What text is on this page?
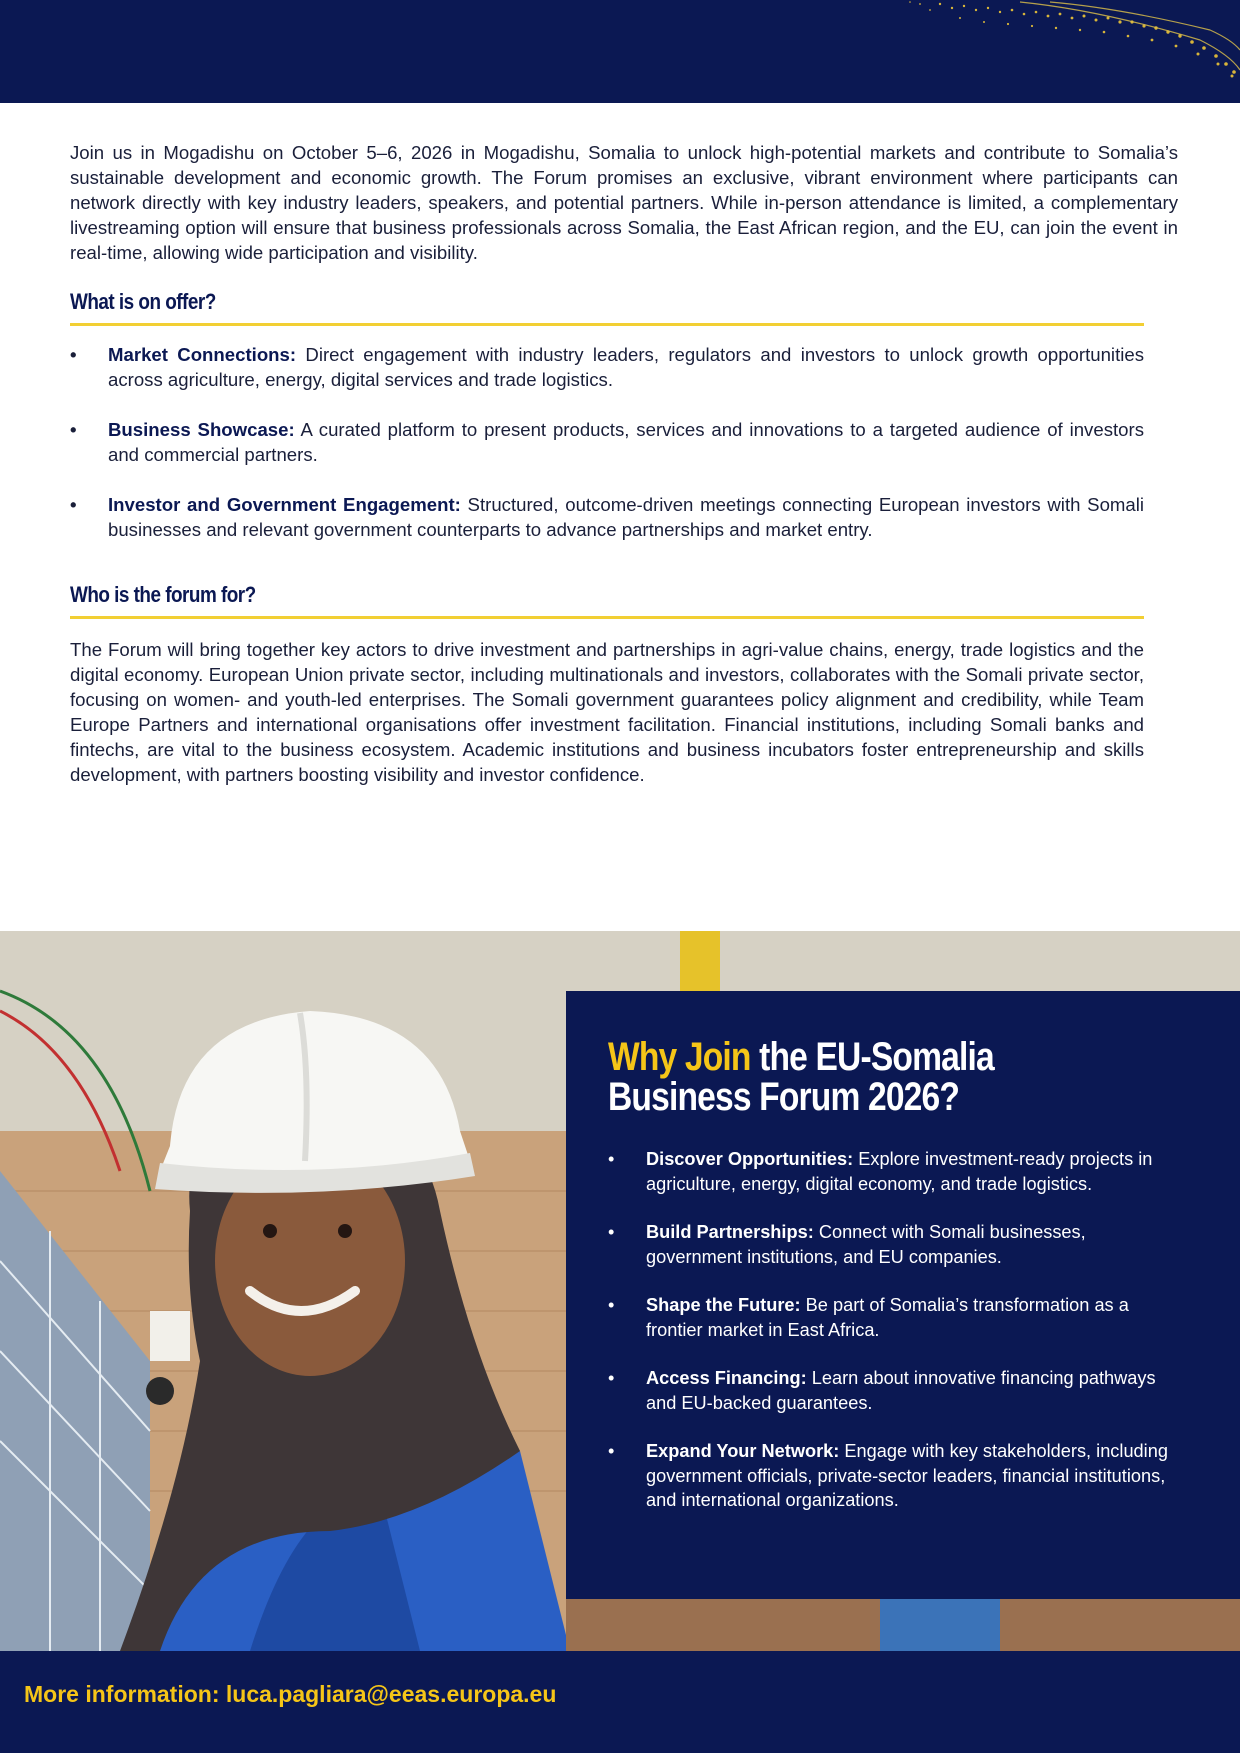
Join us in Mogadishu on October 5–6, 2026 in Mogadishu, Somalia to unlock high-potential markets and contribute to Somalia’s sustainable development and economic growth. The Forum promises an exclusive, vibrant environment where participants can network directly with key industry leaders, speakers, and potential partners. While in-person attendance is limited, a complementary livestreaming option will ensure that business professionals across Somalia, the East African region, and the EU, can join the event in real-time, allowing wide participation and visibility.

What is on offer?
• Market Connections: Direct engagement with industry leaders, regulators and investors to unlock growth opportunities across agriculture, energy, digital services and trade logistics.
• Business Showcase: A curated platform to present products, services and innovations to a targeted audience of investors and commercial partners.
• Investor and Government Engagement: Structured, outcome-driven meetings connecting European investors with Somali businesses and relevant government counterparts to advance partnerships and market entry.
Who is the forum for?

The Forum will bring together key actors to drive investment and partnerships in agri-value chains, energy, trade logistics and the digital economy. European Union private sector, including multinationals and investors, collaborates with the Somali private sector, focusing on women- and youth-led enterprises. The Somali government guarantees policy alignment and credibility, while Team Europe Partners and international organisations offer investment facilitation. Financial institutions, including Somali banks and fintechs, are vital to the business ecosystem. Academic institutions and business incubators foster entrepreneurship and skills development, with partners boosting visibility and investor confidence.

Why Join the EU-Somalia
Business Forum 2026?
• Discover Opportunities: Explore investment-ready projects in agriculture, energy, digital economy, and trade logistics.
• Build Partnerships: Connect with Somali businesses, government institutions, and EU companies.
• Shape the Future: Be part of Somalia’s transformation as a frontier market in East Africa.
• Access Financing: Learn about innovative financing pathways and EU-backed guarantees.
• Expand Your Network: Engage with key stakeholders, including government officials, private-sector leaders, financial institutions, and international organizations.
More information: luca.pagliara@eeas.europa.eu
